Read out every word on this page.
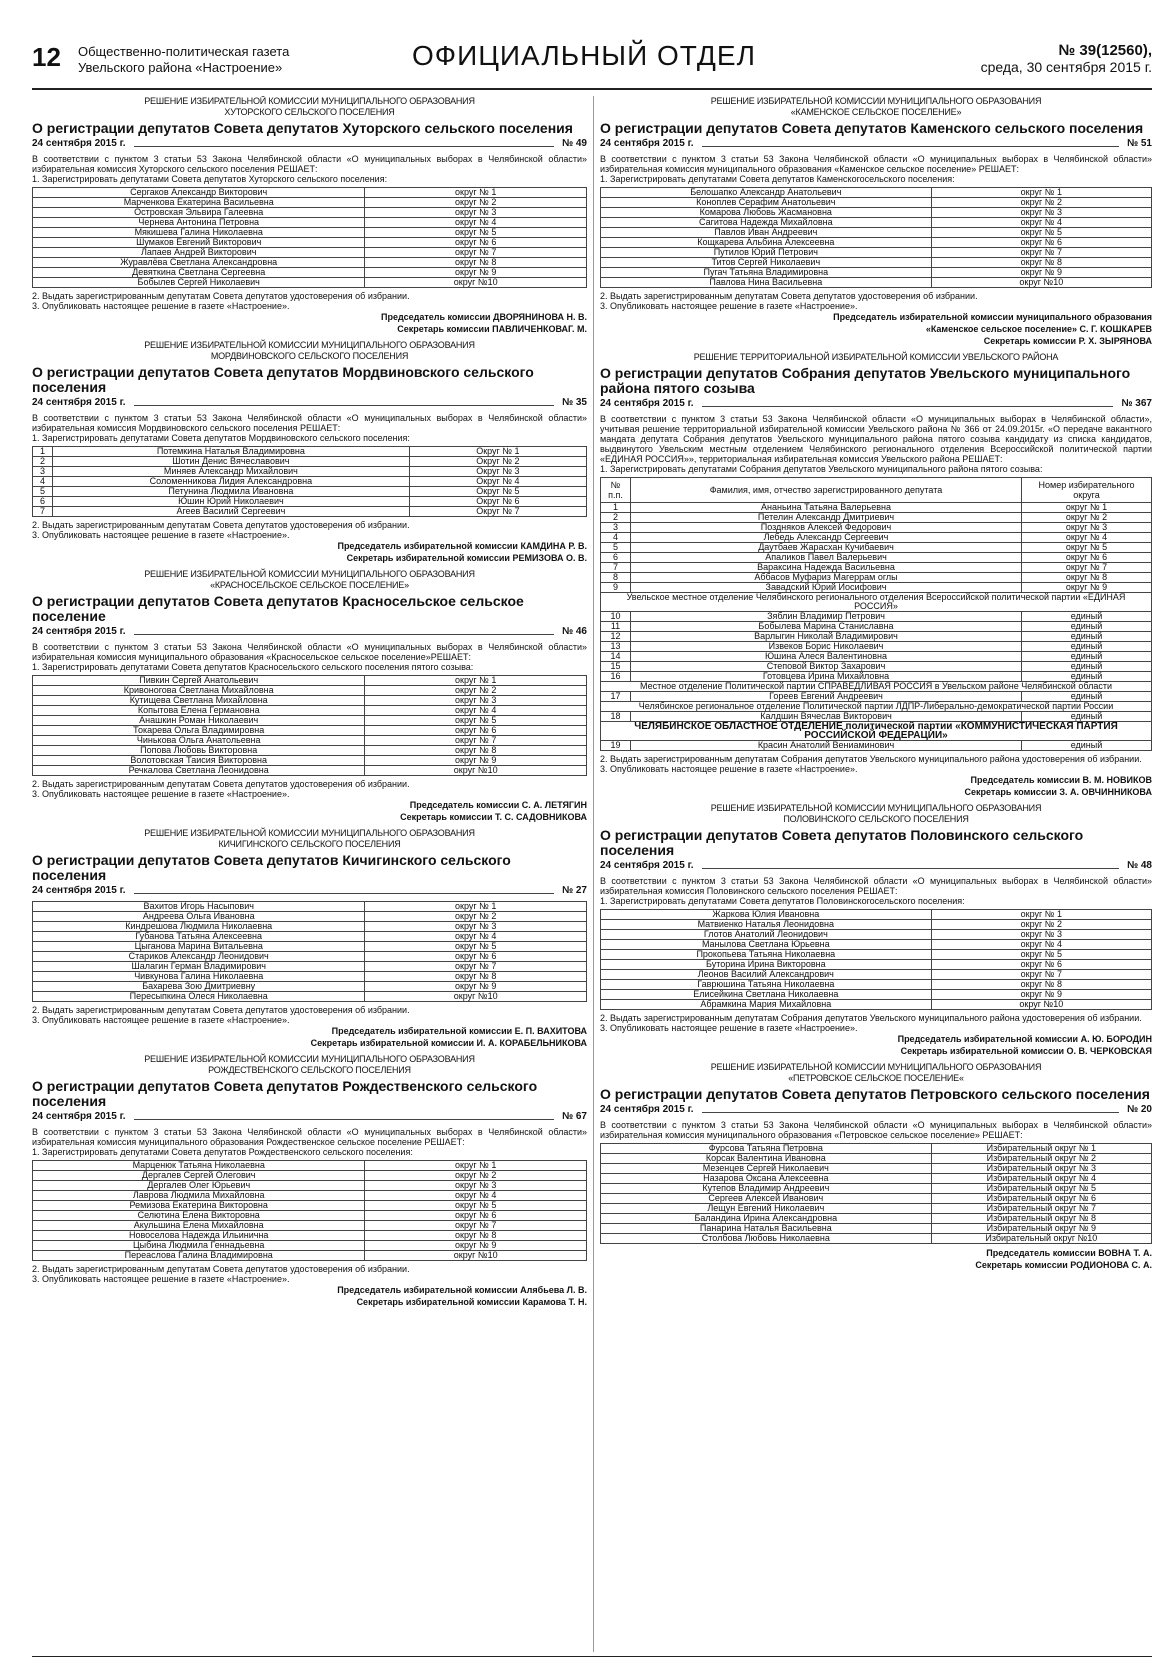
12 Общественно-политическая газета
Увельского района «Настроение»	ОФИЦИАЛЬНЫЙ ОТДЕЛ	№ 39(12560),
среда, 30 сентября 2015 г.
РЕШЕНИЕ ИЗБИРАТЕЛЬНОЙ КОМИССИИ МУНИЦИПАЛЬНОГО ОБРАЗОВАНИЯ
ХУТОРСКОГО СЕЛЬСКОГО ПОСЕЛЕНИЯ
О регистрации депутатов Совета депутатов Хуторского сельского поселения
24 сентября 2015 г.	№ 49
В соответствии с пунктом 3 статьи 53 Закона Челябинской области «О муниципальных выборах в Челябинской области» избирательная комиссия Хуторского сельского поселения РЕШАЕТ:
1. Зарегистрировать депутатами Совета депутатов Хуторского сельского поселения:
Сергаков Александр Викторович	округ № 1
Марченкова Екатерина Васильевна	округ № 2
Островская Эльвира Галеевна	округ № 3
Чернева Антонина Петровна	округ № 4
Мякишева Галина Николаевна	округ № 5
Шумаков Евгений Викторович	округ № 6
Лапаев Андрей Викторович	округ № 7
Журавлёва Светлана Александровна	округ № 8
Девяткина Светлана Сергеевна	округ № 9
Бобылев Сергей Николаевич	округ №10
2. Выдать зарегистрированным депутатам Совета депутатов удостоверения об избрании.
3. Опубликовать настоящее решение в газете «Настроение».
Председатель комиссии ДВОРЯНИНОВА Н. В.
Секретарь комиссии ПАВЛИЧЕНКОВАГ. М.
РЕШЕНИЕ ИЗБИРАТЕЛЬНОЙ КОМИССИИ МУНИЦИПАЛЬНОГО ОБРАЗОВАНИЯ
МОРДВИНОВСКОГО СЕЛЬСКОГО ПОСЕЛЕНИЯ
О регистрации депутатов Совета депутатов Мордвиновского сельского поселения
24 сентября 2015 г.	№ 35
В соответствии с пунктом 3 статьи 53 Закона Челябинской области «О муниципальных выборах в Челябинской области» избирательная комиссия Мордвиновского сельского поселения РЕШАЕТ:
1. Зарегистрировать депутатами Совета депутатов Мордвиновского сельского поселения:
1	Потемкина Наталья Владимировна	Округ № 1
2	Шотин Денис Вячеславович	Округ № 2
3	Миняев Александр Михайлович	Округ № 3
4	Соломенникова Лидия Александровна	Округ № 4
5	Петунина Людмила Ивановна	Округ № 5
6	Юшин Юрий Николаевич	Округ № 6
7	Агеев Василий Сергеевич	Округ № 7
2. Выдать зарегистрированным депутатам Совета депутатов удостоверения об избрании.
3. Опубликовать настоящее решение в газете «Настроение».
Председатель избирательной комиссии КАМДИНА Р. В.
Секретарь избирательной комиссии РЕМИЗОВА О. В.
РЕШЕНИЕ ИЗБИРАТЕЛЬНОЙ КОМИССИИ МУНИЦИПАЛЬНОГО ОБРАЗОВАНИЯ
«КРАСНОСЕЛЬСКОЕ СЕЛЬСКОЕ ПОСЕЛЕНИЕ»
О регистрации депутатов Совета депутатов Красносельское сельское поселение
24 сентября 2015 г.	№ 46
В соответствии с пунктом 3 статьи 53 Закона Челябинской области «О муниципальных выборах в Челябинской области» избирательная комиссия муниципального образования «Красносельское сельское поселение»РЕШАЕТ:
1. Зарегистрировать депутатами Совета депутатов Красносельского сельского поселения пятого созыва:
Пивкин Сергей Анатольевич	округ № 1
Кривоногова Светлана Михайловна	округ № 2
Кутищева Светлана Михайловна	округ № 3
Копытова Елена Германовна	округ № 4
Анашкин Роман Николаевич	округ № 5
Токарева Ольга Владимировна	округ № 6
Чинькова Ольга Анатольевна	округ № 7
Попова Любовь Викторовна	округ № 8
Волотовская Таисия Викторовна	округ № 9
Речкалова Светлана Леонидовна	округ №10
2. Выдать зарегистрированным депутатам Совета депутатов удостоверения об избрании.
3. Опубликовать настоящее решение в газете «Настроение».
Председатель комиссии С. А. ЛЕТЯГИН
Секретарь комиссии Т. С. САДОВНИКОВА
РЕШЕНИЕ ИЗБИРАТЕЛЬНОЙ КОМИССИИ МУНИЦИПАЛЬНОГО ОБРАЗОВАНИЯ
КИЧИГИНСКОГО СЕЛЬСКОГО ПОСЕЛЕНИЯ
О регистрации депутатов Совета депутатов Кичигинского сельского поселения
24 сентября 2015 г.	№ 27
Вахитов Игорь Насыпович	округ № 1
Андреева Ольга Ивановна	округ № 2
Киндрешова Людмила Николаевна	округ № 3
Губанова Татьяна Алексеевна	округ № 4
Цыганова Марина Витальевна	округ № 5
Стариков Александр Леонидович	округ № 6
Шалагин Герман Владимирович	округ № 7
Чивкунова Галина Николаевна	округ № 8
Бахарева Зою Дмитриевну	округ № 9
Пересыпкина Олеся Николаевна	округ №10
2. Выдать зарегистрированным депутатам Совета депутатов удостоверения об избрании.
3. Опубликовать настоящее решение в газете «Настроение».
Председатель избирательной комиссии Е. П. ВАХИТОВА
Секретарь избирательной комиссии И. А. КОРАБЕЛЬНИКОВА
РЕШЕНИЕ ИЗБИРАТЕЛЬНОЙ КОМИССИИ МУНИЦИПАЛЬНОГО ОБРАЗОВАНИЯ
РОЖДЕСТВЕНСКОГО СЕЛЬСКОГО ПОСЕЛЕНИЯ
О регистрации депутатов Совета депутатов Рождественского сельского поселения
24 сентября 2015 г.	№ 67
В соответствии с пунктом 3 статьи 53 Закона Челябинской области «О муниципальных выборах в Челябинской области» избирательная комиссия муниципального образования Рождественское сельское поселение РЕШАЕТ:
1. Зарегистрировать депутатами Совета депутатов Рождественского сельского поселения:
Марценюк Татьяна Николаевна	округ № 1
Дергалев Сергей Олегович	округ № 2
Дергалев Олег Юрьевич	округ № 3
Лаврова Людмила Михайловна	округ № 4
Ремизова Екатерина Викторовна	округ № 5
Селютина Елена Викторовна	округ № 6
Акульшина Елена Михайловна	округ № 7
Новоселова Надежда Ильинична	округ № 8
Цыбина Людмила Геннадьевна	округ № 9
Переаслова Галина Владимировна	округ №10
2. Выдать зарегистрированным депутатам Совета депутатов удостоверения об избрании.
3. Опубликовать настоящее решение в газете «Настроение».
Председатель избирательной комиссии Алябьева Л. В.
Секретарь избирательной комиссии Карамова Т. Н.
РЕШЕНИЕ ИЗБИРАТЕЛЬНОЙ КОМИССИИ МУНИЦИПАЛЬНОГО ОБРАЗОВАНИЯ
«КАМЕНСКОЕ СЕЛЬСКОЕ ПОСЕЛЕНИЕ»
О регистрации депутатов Совета депутатов Каменского сельского поселения
24 сентября 2015 г.	№ 51
В соответствии с пунктом 3 статьи 53 Закона Челябинской области «О муниципальных выборах в Челябинской области» избирательная комиссия муниципального образования «Каменское сельское поселение» РЕШАЕТ:
1. Зарегистрировать депутатами Совета депутатов Каменскогосельского поселения:
Белошапко Александр Анатольевич	округ № 1
Коноплев Серафим Анатольевич	округ № 2
Комарова Любовь Жасмановна	округ № 3
Сагитова Надежда Михайловна	округ № 4
Павлов Иван Андреевич	округ № 5
Кощкарева Альбина Алексеевна	округ № 6
Путилов Юрий Петрович	округ № 7
Титов Сергей Николаевич	округ № 8
Пугач Татьяна Владимировна	округ № 9
Павлова Нина Васильевна	округ №10
2. Выдать зарегистрированным депутатам Совета депутатов удостоверения об избрании.
3. Опубликовать настоящее решение в газете «Настроение».
Председатель избирательной комиссии муниципального образования
«Каменское сельское поселение» С. Г. КОШКАРЕВ
Секретарь комиссии Р. Х. ЗЫРЯНОВА
РЕШЕНИЕ ТЕРРИТОРИАЛЬНОЙ ИЗБИРАТЕЛЬНОЙ КОМИССИИ УВЕЛЬСКОГО РАЙОНА
О регистрации депутатов Собрания депутатов Увельского муниципального района пятого созыва
24 сентября 2015 г.	№ 367
В соответствии с пунктом 3 статьи 53 Закона Челябинской области «О муниципальных выборах в Челябинской области», учитывая решение территориальной избирательной комиссии Увельского района № 366 от 24.09.2015г. «О передаче вакантного мандата депутата Собрания депутатов Увельского муниципального района пятого созыва кандидату из списка кандидатов, выдвинутого Увельским местным отделением Челябинского регионального отделения Всероссийской политической партии «ЕДИНАЯ РОССИЯ»», территориальная избирательная комиссия Увельского района РЕШАЕТ:
1. Зарегистрировать депутатами Собрания депутатов Увельского муниципального района пятого созыва:
№ п.п.	Фамилия, имя, отчество зарегистрированного депутата	Номер избирательного округа
1	Ананьина Татьяна Валерьевна	округ № 1
2	Петелин Александр Дмитриевич	округ № 2
3	Поздняков Алексей Федорович	округ № 3
4	Лебедь Александр Сергеевич	округ № 4
5	Даутбаев Жарасхан Кучибаевич	округ № 5
6	Апаликов Павел Валерьевич	округ № 6
7	Вараксина Надежда Васильевна	округ № 7
8	Аббасов Муфариз Магеррам оглы	округ № 8
9	Завадский Юрий Иосифович	округ № 9
Увельское местное отделение Челябинского регионального отделения Всероссийской политической партии «ЕДИНАЯ РОССИЯ»		
10	Зяблин Владимир Петрович	единый
11	Бобылева Марина Станиславна	единый
12	Варлыгин Николай Владимирович	единый
13	Извеков Борис Николаевич	единый
14	Юшина Алеся Валентиновна	единый
15	Степовой Виктор Захарович	единый
16	Готовцева Ирина Михайловна	единый
Местное отделение Политической партии СПРАВЕДЛИВАЯ РОССИЯ в Увельском районе Челябинской области		
17	Гореев Евгений Андреевич	единый
Челябинское региональное отделение Политической партии ЛДПР-Либерально-демократической партии России		
18	Калдшин Вячеслав Викторович	единый
ЧЕЛЯБИНСКОЕ ОБЛАСТНОЕ ОТДЕЛЕНИЕ политической партии «КОММУНИСТИЧЕСКАЯ ПАРТИЯ РОССИЙСКОЙ ФЕДЕРАЦИИ»		
19	Красин Анатолий Вениаминович	единый
2. Выдать зарегистрированным депутатам Собрания депутатов Увельского муниципального района удостоверения об избрании.
3. Опубликовать настоящее решение в газете «Настроение».
Председатель комиссии В. М. НОВИКОВ
Секретарь комиссии З. А. ОВЧИННИКОВА
РЕШЕНИЕ ИЗБИРАТЕЛЬНОЙ КОМИССИИ МУНИЦИПАЛЬНОГО ОБРАЗОВАНИЯ
ПОЛОВИНСКОГО СЕЛЬСКОГО ПОСЕЛЕНИЯ
О регистрации депутатов Совета депутатов Половинского сельского поселения
24 сентября 2015 г.	№ 48
В соответствии с пунктом 3 статьи 53 Закона Челябинской области «О муниципальных выборах в Челябинской области» избирательная комиссия Половинского сельского поселения РЕШАЕТ:
1. Зарегистрировать депутатами Совета депутатов Половинскогосельского поселения:
Жаркова Юлия Ивановна	округ № 1
Матвиенко Наталья Леонидовна	округ № 2
Глотов Анатолий Леонидович	округ № 3
Манылова Светлана Юрьевна	округ № 4
Прокопьева Татьяна Николаевна	округ № 5
Буторина Ирина Викторовна	округ № 6
Леонов Василий Александрович	округ № 7
Гаврюшина Татьяна Николаевна	округ № 8
Елисейкина Светлана Николаевна	округ № 9
Абрамкина Мария Михайловна	округ №10
2. Выдать зарегистрированным депутатам Собрания депутатов Увельского муниципального района удостоверения об избрании.
3. Опубликовать настоящее решение в газете «Настроение».
Председатель избирательной комиссии А. Ю. БОРОДИН
Секретарь избирательной комиссии О. В. ЧЕРКОВСКАЯ
РЕШЕНИЕ ИЗБИРАТЕЛЬНОЙ КОМИССИИ МУНИЦИПАЛЬНОГО ОБРАЗОВАНИЯ
«ПЕТРОВСКОЕ СЕЛЬСКОЕ ПОСЕЛЕНИЕ«
О регистрации депутатов Совета депутатов Петровского сельского поселения
24 сентября 2015 г.	№ 20
В соответствии с пунктом 3 статьи 53 Закона Челябинской области «О муниципальных выборах в Челябинской области» избирательная комиссия муниципального образования «Петровское сельское поселение» РЕШАЕТ:
Фурсова Татьяна Петровна	Избирательный округ № 1
Корсак Валентина Ивановна	Избирательный округ № 2
Мезенцев Сергей Николаевич	Избирательный округ № 3
Назарова Оксана Алексеевна	Избирательный округ № 4
Кутепов Владимир Андреевич	Избирательный округ № 5
Сергеев Алексей Иванович	Избирательный округ № 6
Лещун Евгений Николаевич	Избирательный округ № 7
Баландина Ирина Александровна	Избирательный округ № 8
Панарина Наталья Васильевна	Избирательный округ № 9
Столбова Любовь Николаевна	Избирательный округ №10
Председатель комиссии ВОВНА Т. А.
Секретарь комиссии РОДИОНОВА С. А.
